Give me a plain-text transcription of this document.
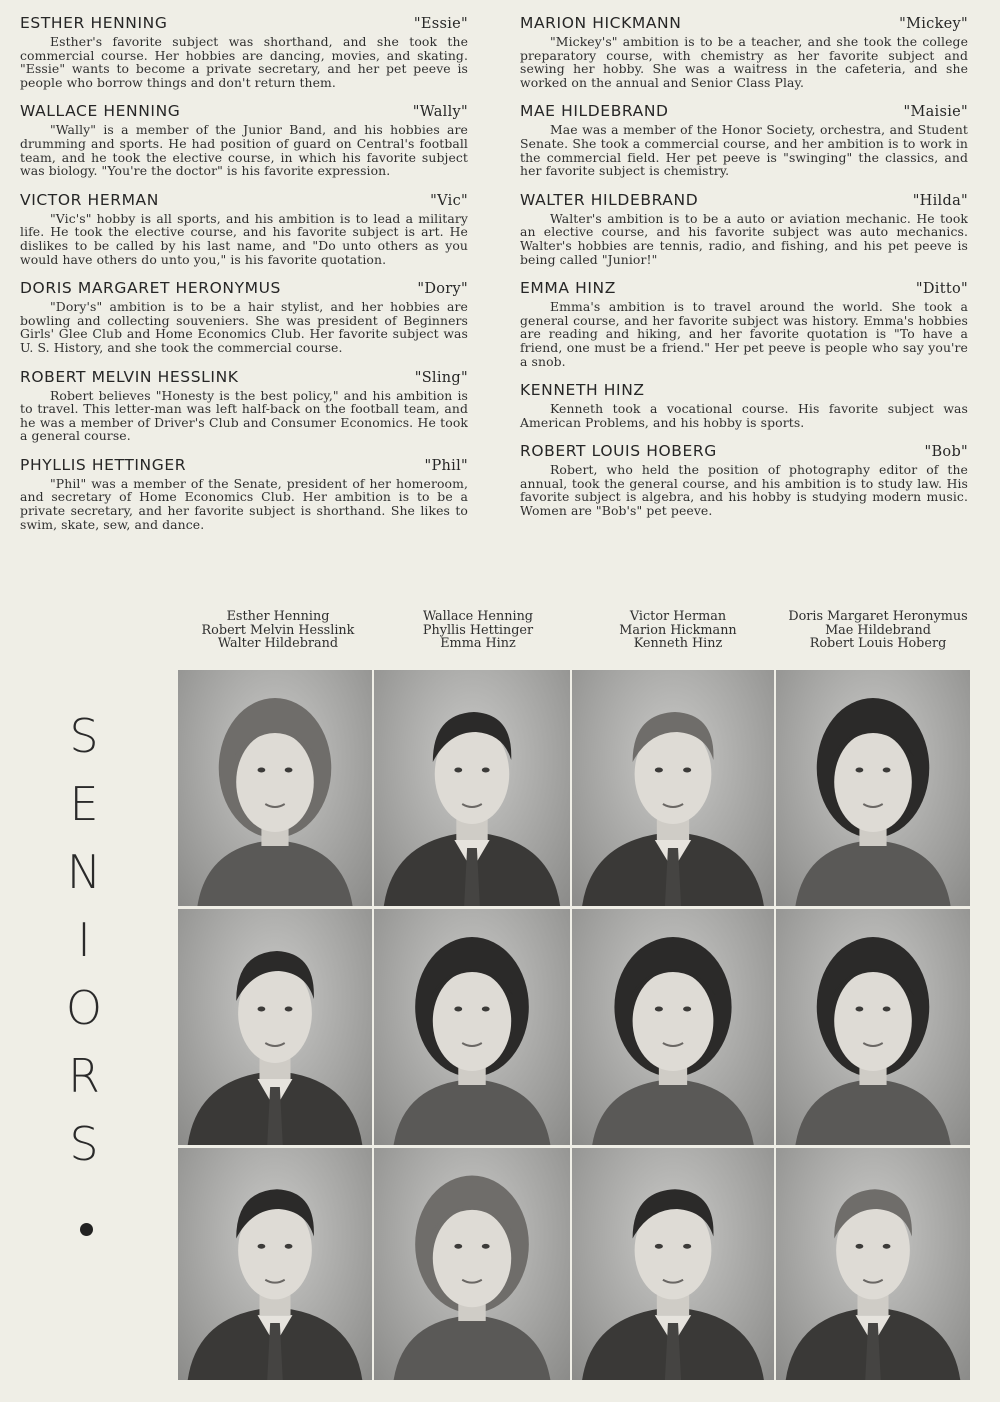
ESTHER HENNING	"Essie"

Esther's favorite subject was shorthand, and she took the commercial course. Her hobbies are dancing, movies, and skating. "Essie" wants to become a private secretary, and her pet peeve is people who borrow things and don't return them.

WALLACE HENNING	"Wally"

"Wally" is a member of the Junior Band, and his hobbies are drumming and sports. He had position of guard on Central's football team, and he took the elective course, in which his favorite subject was biology. "You're the doctor" is his favorite expression.

VICTOR HERMAN	"Vic"

"Vic's" hobby is all sports, and his ambition is to lead a military life. He took the elective course, and his favorite subject is art. He dislikes to be called by his last name, and "Do unto others as you would have others do unto you," is his favorite quotation.

DORIS MARGARET HERONYMUS	"Dory"

"Dory's" ambition is to be a hair stylist, and her hobbies are bowling and collecting souveniers. She was president of Beginners Girls' Glee Club and Home Economics Club. Her favorite subject was U. S. History, and she took the commercial course.

ROBERT MELVIN HESSLINK	"Sling"

Robert believes "Honesty is the best policy," and his ambition is to travel. This letter-man was left half-back on the football team, and he was a member of Driver's Club and Consumer Economics. He took a general course.

PHYLLIS HETTINGER	"Phil"

"Phil" was a member of the Senate, president of her homeroom, and secretary of Home Economics Club. Her ambition is to be a private secretary, and her favorite subject is shorthand. She likes to swim, skate, sew, and dance.

MARION HICKMANN	"Mickey"

"Mickey's" ambition is to be a teacher, and she took the college preparatory course, with chemistry as her favorite subject and sewing her hobby. She was a waitress in the cafeteria, and she worked on the annual and Senior Class Play.

MAE HILDEBRAND	"Maisie"

Mae was a member of the Honor Society, orchestra, and Student Senate. She took a commercial course, and her ambition is to work in the commercial field. Her pet peeve is "swinging" the classics, and her favorite subject is chemistry.

WALTER HILDEBRAND	"Hilda"

Walter's ambition is to be a auto or aviation mechanic. He took an elective course, and his favorite subject was auto mechanics. Walter's hobbies are tennis, radio, and fishing, and his pet peeve is being called "Junior!"

EMMA HINZ	"Ditto"

Emma's ambition is to travel around the world. She took a general course, and her favorite subject was history. Emma's hobbies are reading and hiking, and her favorite quotation is "To have a friend, one must be a friend." Her pet peeve is people who say you're a snob.

KENNETH HINZ

Kenneth took a vocational course. His favorite subject was American Problems, and his hobby is sports.

ROBERT LOUIS HOBERG	"Bob"

Robert, who held the position of photography editor of the annual, took the general course, and his ambition is to study law. His favorite subject is algebra, and his hobby is studying modern music. Women are "Bob's" pet peeve.

Esther Henning
Robert Melvin Hesslink
Walter Hildebrand
Wallace Henning
Phyllis Hettinger
Emma Hinz
Victor Herman
Marion Hickmann
Kenneth Hinz
Doris Margaret Heronymus
Mae Hildebrand
Robert Louis Hoberg
S
E
N
I
O
R
S
